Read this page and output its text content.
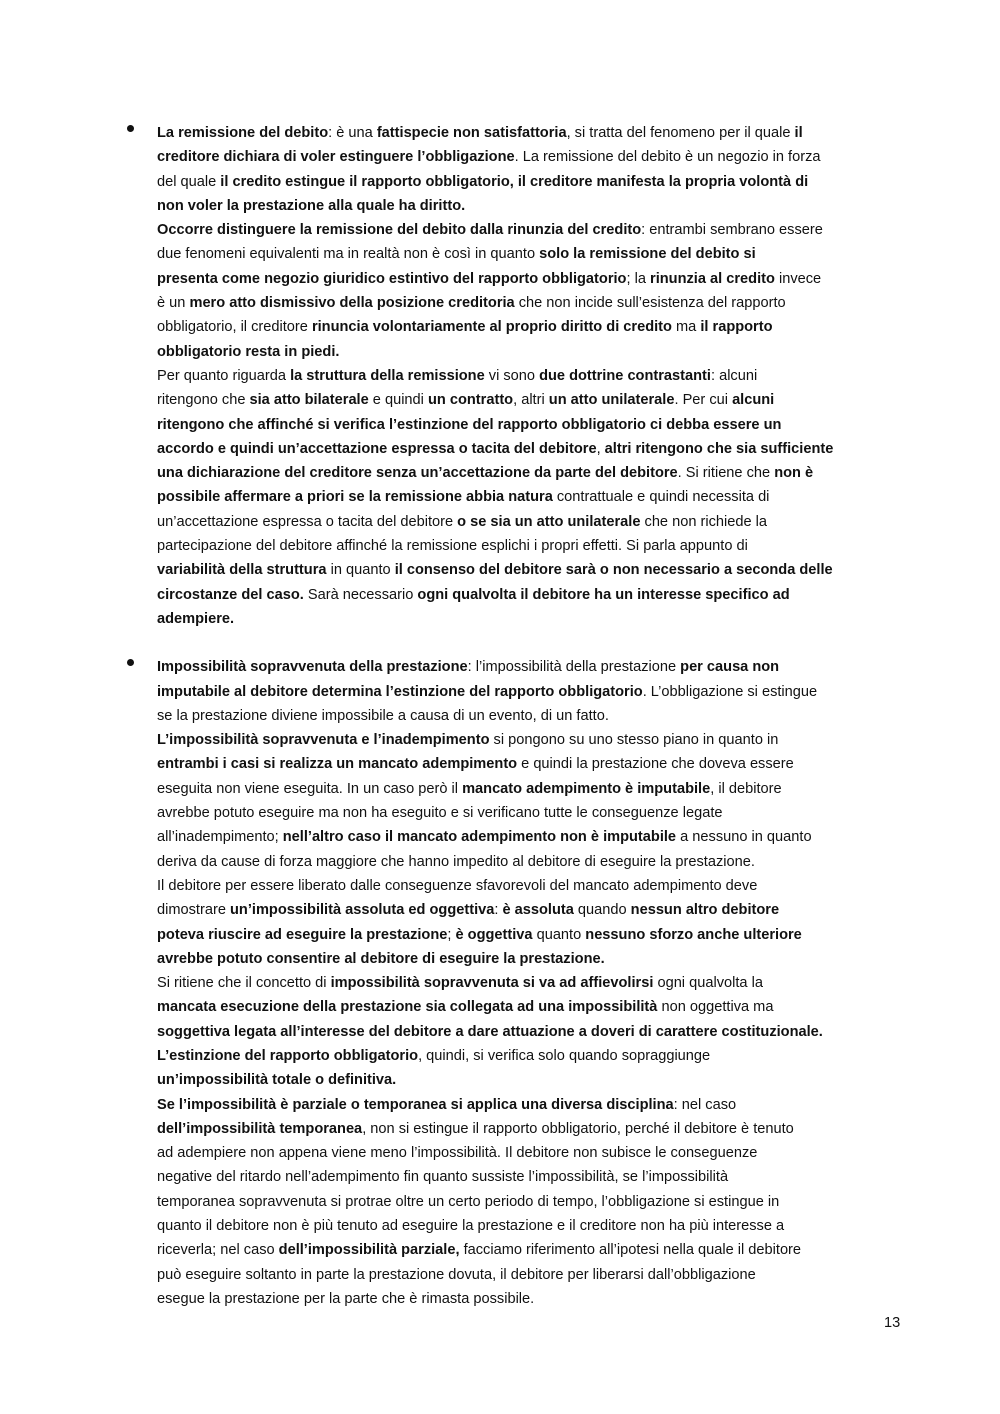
La remissione del debito: è una fattispecie non satisfattoria, si tratta del fenomeno per il quale il
creditore dichiara di voler estinguere l’obbligazione. La remissione del debito è un negozio in forza
del quale il credito estingue il rapporto obbligatorio, il creditore manifesta la propria volontà di
non voler la prestazione alla quale ha diritto.
Occorre distinguere la remissione del debito dalla rinunzia del credito: entrambi sembrano essere
due fenomeni equivalenti ma in realtà non è così in quanto solo la remissione del debito si
presenta come negozio giuridico estintivo del rapporto obbligatorio; la rinunzia al credito invece
è un mero atto dismissivo della posizione creditoria che non incide sull’esistenza del rapporto
obbligatorio, il creditore rinuncia volontariamente al proprio diritto di credito ma il rapporto
obbligatorio resta in piedi.
Per quanto riguarda la struttura della remissione vi sono due dottrine contrastanti: alcuni
ritengono che sia atto bilaterale e quindi un contratto, altri un atto unilaterale. Per cui alcuni
ritengono che affinché si verifica l’estinzione del rapporto obbligatorio ci debba essere un
accordo e quindi un’accettazione espressa o tacita del debitore, altri ritengono che sia sufficiente
una dichiarazione del creditore senza un’accettazione da parte del debitore. Si ritiene che non è
possibile affermare a priori se la remissione abbia natura contrattuale e quindi necessita di
un’accettazione espressa o tacita del debitore o se sia un atto unilaterale che non richiede la
partecipazione del debitore affinché la remissione esplichi i propri effetti. Si parla appunto di
variabilità della struttura in quanto il consenso del debitore sarà o non necessario a seconda delle
circostanze del caso. Sarà necessario ogni qualvolta il debitore ha un interesse specifico ad
adempiere.
Impossibilità sopravvenuta della prestazione: l’impossibilità della prestazione per causa non
imputabile al debitore determina l’estinzione del rapporto obbligatorio. L’obbligazione si estingue
se la prestazione diviene impossibile a causa di un evento, di un fatto.
L’impossibilità sopravvenuta e l’inadempimento si pongono su uno stesso piano in quanto in
entrambi i casi si realizza un mancato adempimento e quindi la prestazione che doveva essere
eseguita non viene eseguita. In un caso però il mancato adempimento è imputabile, il debitore
avrebbe potuto eseguire ma non ha eseguito e si verificano tutte le conseguenze legate
all’inadempimento; nell’altro caso il mancato adempimento non è imputabile a nessuno in quanto
deriva da cause di forza maggiore che hanno impedito al debitore di eseguire la prestazione.
Il debitore per essere liberato dalle conseguenze sfavorevoli del mancato adempimento deve
dimostrare un’impossibilità assoluta ed oggettiva: è assoluta quando nessun altro debitore
poteva riuscire ad eseguire la prestazione; è oggettiva quanto nessuno sforzo anche ulteriore
avrebbe potuto consentire al debitore di eseguire la prestazione.
Si ritiene che il concetto di impossibilità sopravvenuta si va ad affievolirsi ogni qualvolta la
mancata esecuzione della prestazione sia collegata ad una impossibilità non oggettiva ma
soggettiva legata all’interesse del debitore a dare attuazione a doveri di carattere costituzionale.
L’estinzione del rapporto obbligatorio, quindi, si verifica solo quando sopraggiunge
un’impossibilità totale o definitiva.
Se l’impossibilità è parziale o temporanea si applica una diversa disciplina: nel caso
dell’impossibilità temporanea, non si estingue il rapporto obbligatorio, perché il debitore è tenuto
ad adempiere non appena viene meno l’impossibilità. Il debitore non subisce le conseguenze
negative del ritardo nell’adempimento fin quanto sussiste l’impossibilità, se l’impossibilità
temporanea sopravvenuta si protrae oltre un certo periodo di tempo, l’obbligazione si estingue in
quanto il debitore non è più tenuto ad eseguire la prestazione e il creditore non ha più interesse a
riceverla; nel caso dell’impossibilità parziale, facciamo riferimento all’ipotesi nella quale il debitore
può eseguire soltanto in parte la prestazione dovuta, il debitore per liberarsi dall’obbligazione
esegue la prestazione per la parte che è rimasta possibile.
13
